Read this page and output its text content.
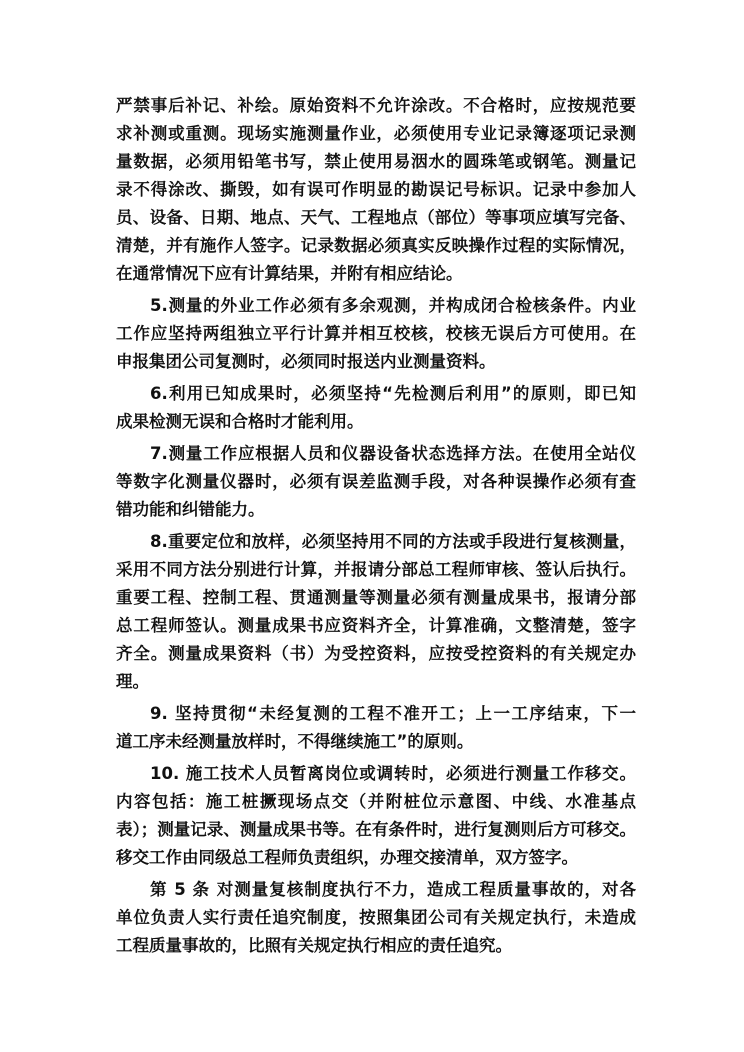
严禁事后补记、补绘。原始资料不允许涂改。不合格时，应按规范要
求补测或重测。现场实施测量作业，必须使用专业记录簿逐项记录测
量数据，必须用铅笔书写，禁止使用易洇水的圆珠笔或钢笔。测量记
录不得涂改、撕毁，如有误可作明显的勘误记号标识。记录中参加人
员、设备、日期、地点、天气、工程地点（部位）等事项应填写完备、
清楚，并有施作人签字。记录数据必须真实反映操作过程的实际情况，
在通常情况下应有计算结果，并附有相应结论。
5.测量的外业工作必须有多余观测，并构成闭合检核条件。内业
工作应坚持两组独立平行计算并相互校核，校核无误后方可使用。在
申报集团公司复测时，必须同时报送内业测量资料。
6.利用已知成果时，必须坚持“先检测后利用”的原则，即已知
成果检测无误和合格时才能利用。
7.测量工作应根据人员和仪器设备状态选择方法。在使用全站仪
等数字化测量仪器时，必须有误差监测手段，对各种误操作必须有查
错功能和纠错能力。
8.重要定位和放样，必须坚持用不同的方法或手段进行复核测量，
采用不同方法分别进行计算，并报请分部总工程师审核、签认后执行。
重要工程、控制工程、贯通测量等测量必须有测量成果书，报请分部
总工程师签认。测量成果书应资料齐全，计算准确，文整清楚，签字
齐全。测量成果资料（书）为受控资料，应按受控资料的有关规定办
理。
9. 坚持贯彻“未经复测的工程不准开工；上一工序结束，下一
道工序未经测量放样时，不得继续施工”的原则。
10. 施工技术人员暂离岗位或调转时，必须进行测量工作移交。
内容包括：施工桩撅现场点交（并附桩位示意图、中线、水准基点
表）；测量记录、测量成果书等。在有条件时，进行复测则后方可移交。
移交工作由同级总工程师负责组织，办理交接清单，双方签字。
第 5 条 对测量复核制度执行不力，造成工程质量事故的，对各
单位负责人实行责任追究制度，按照集团公司有关规定执行，未造成
工程质量事故的，比照有关规定执行相应的责任追究。
